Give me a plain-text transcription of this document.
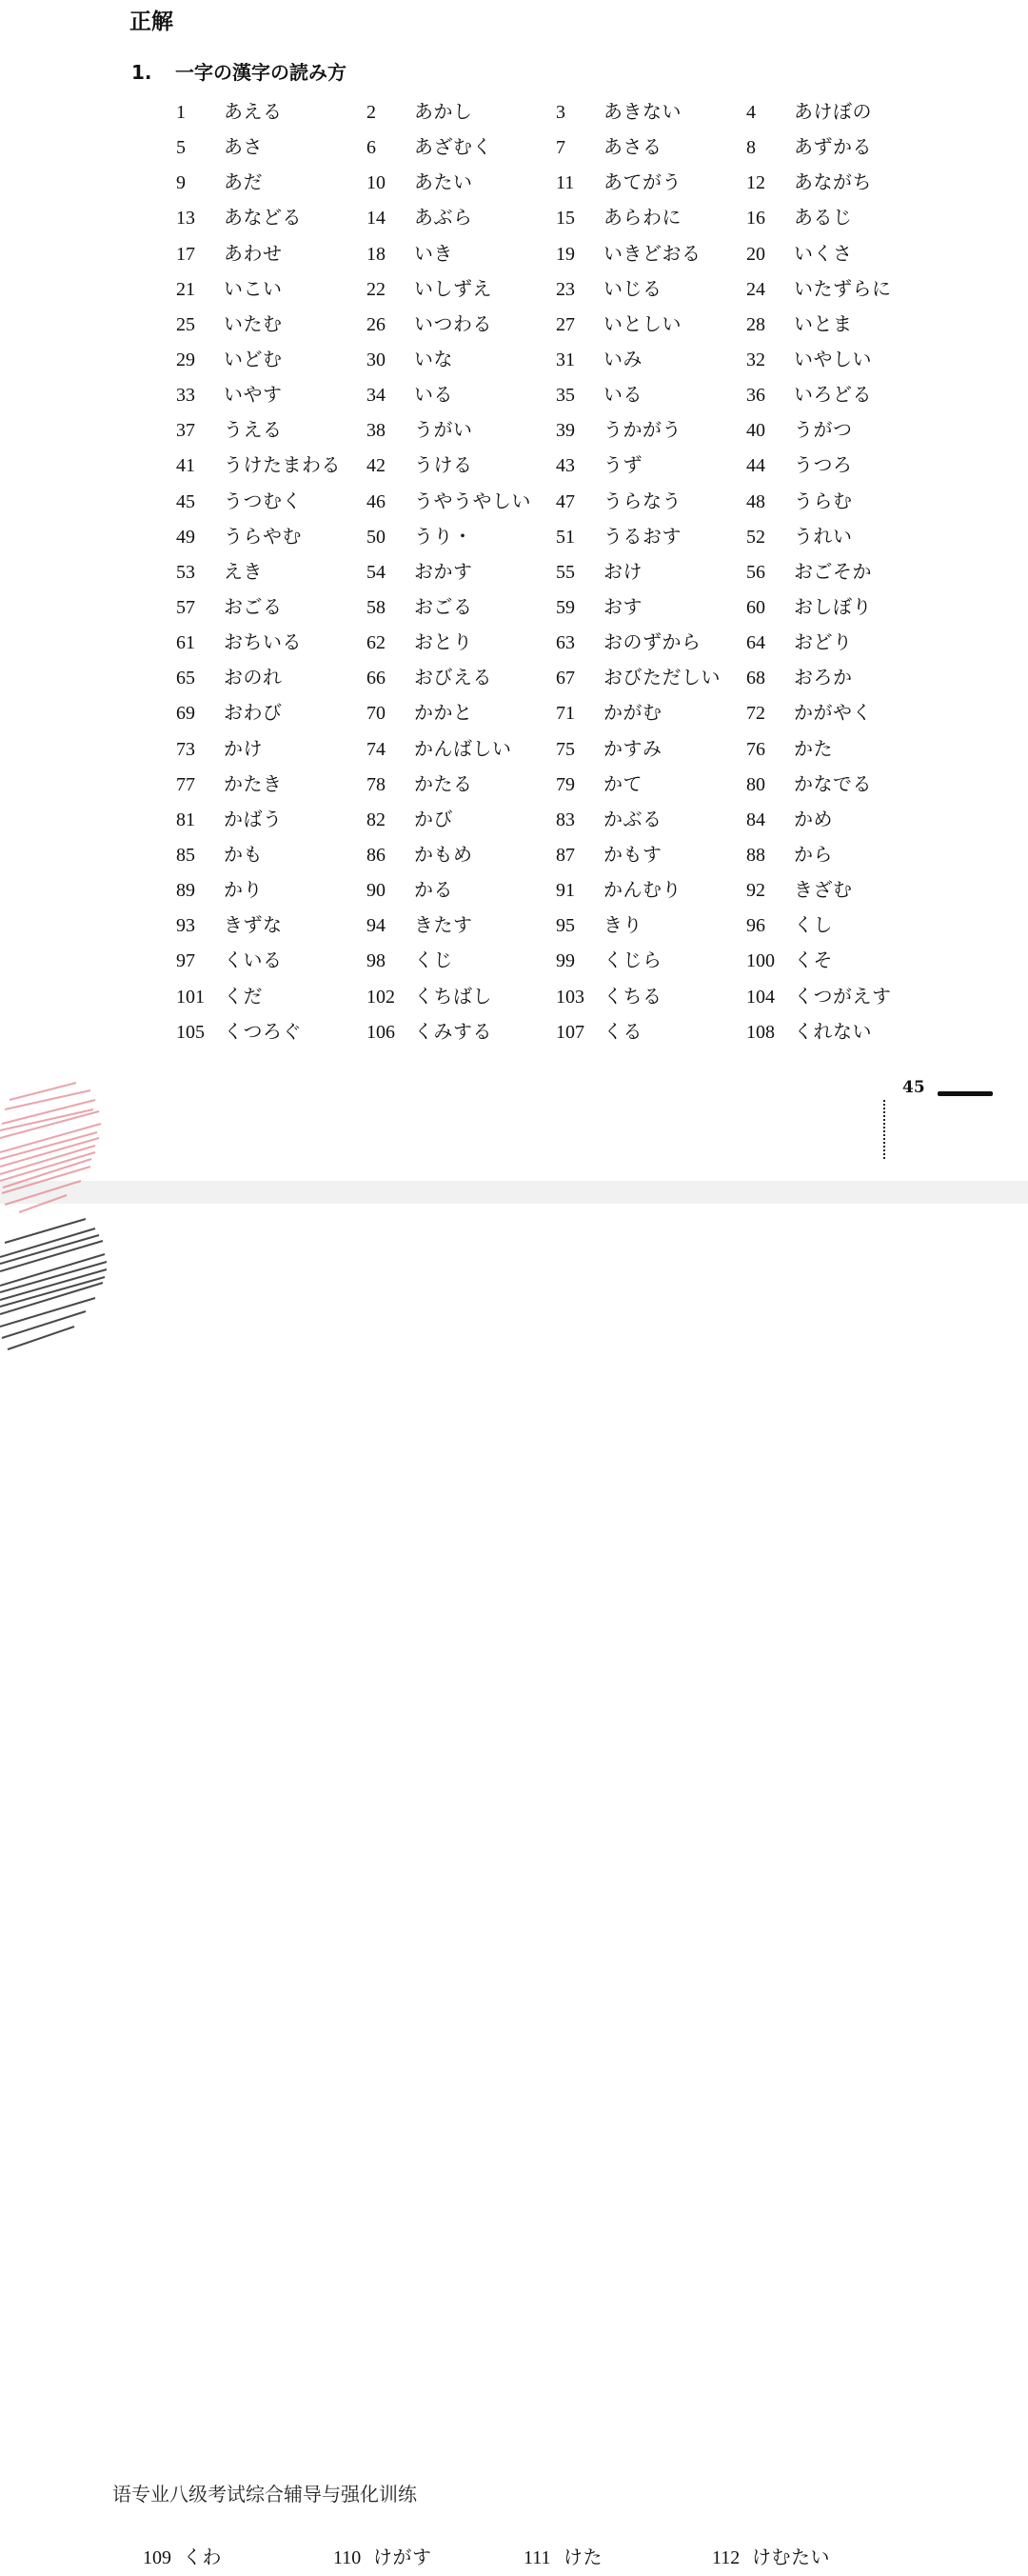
正解
1. 一字の漢字の読み方
1 あえる	2 あかし	3 あきない	4 あけぼの
5 あさ	6 あざむく	7 あさる	8 あずかる
9 あだ	10 あたい	11 あてがう	12 あながち
13 あなどる	14 あぶら	15 あらわに	16 あるじ
17 あわせ	18 いき	19 いきどおる 20 いくさ
21 いこい	22 いしずえ	23 いじる	24 いたずらに
25 いたむ	26 いつわる	27 いとしい	28 いとま
29 いどむ	30 いな	31 いみ	32 いやしい
33 いやす	34 いる	35 いる	36 いろどる
37 うえる	38 うがい	39 うかがう	40 うがつ
41 うけたまわる 42 うける	43 うず	44 うつろ
45 うつむく	46 うやうやしい 47 うらなう	48 うらむ
49 うらやむ	50 うり・	51 うるおす	52 うれい
53 えき	54 おかす	55 おけ	56 おごそか
57 おごる	58 おごる	59 おす	60 おしぼり
61 おちいる	62 おとり	63 おのずから 64 おどり
65 おのれ	66 おびえる	67 おびただしい 68 おろか
69 おわび	70 かかと	71 かがむ	72 かがやく
73 かけ	74 かんばしい 75 かすみ	76 かた
77 かたき	78 かたる	79 かて	80 かなでる
81 かばう	82 かび	83 かぶる	84 かめ
85 かも	86 かもめ	87 かもす	88 から
89 かり	90 かる	91 かんむり	92 きざむ
93 きずな	94 きたす	95 きり	96 くし
97 くいる	98 くじ	99 くじら	100 くそ
101 くだ	102 くちばし	103 くちる	104 くつがえす
105 くつろぐ	106 くみする	107 くる	108 くれない
45
语专业八级考试综合辅导与强化训练
109 くわ	110 けがす	111 けた	112 けむたい
